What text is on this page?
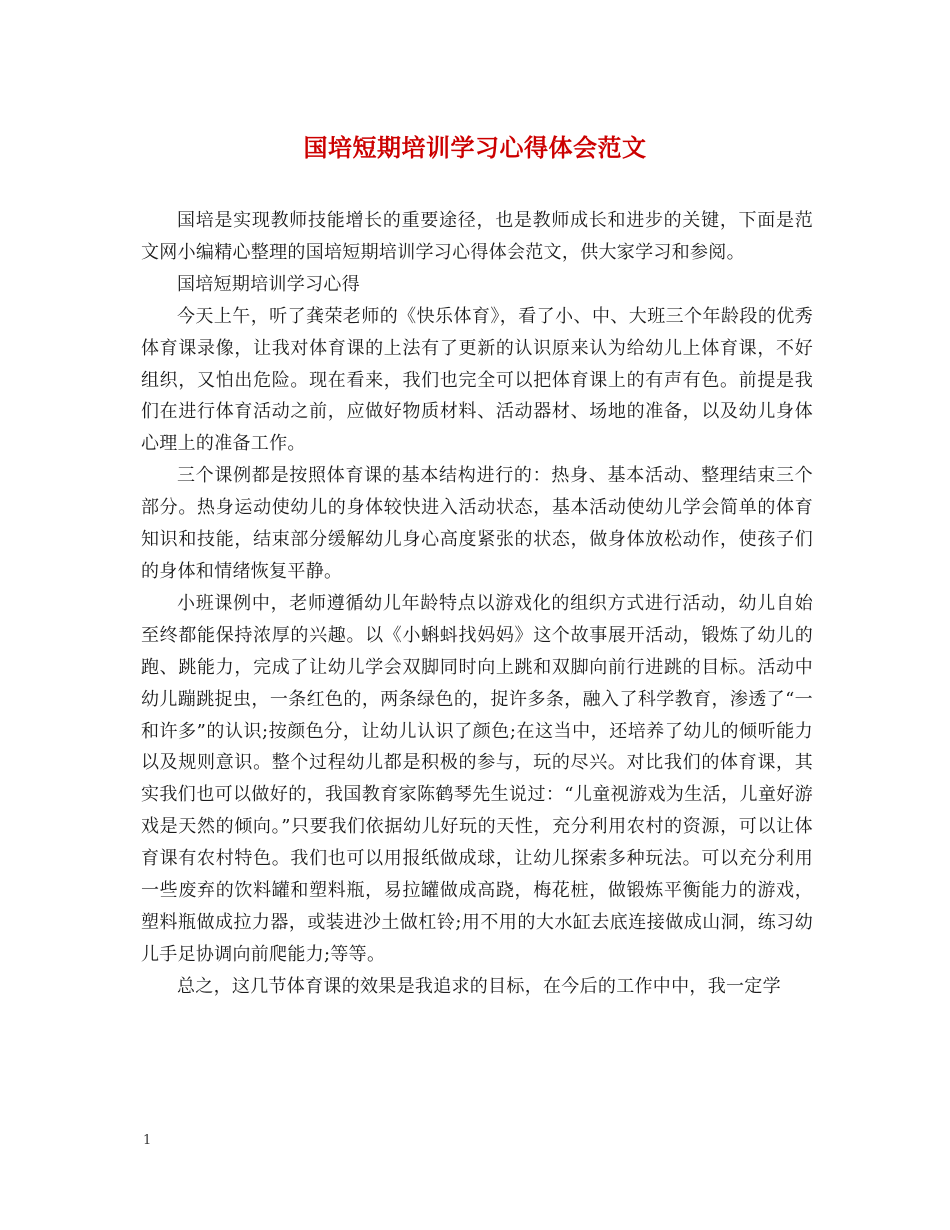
国培短期培训学习心得体会范文

国培是实现教师技能增长的重要途径，也是教师成长和进步的关键，下面是范文网小编精心整理的国培短期培训学习心得体会范文，供大家学习和参阅。

国培短期培训学习心得

今天上午，听了龚荣老师的《快乐体育》，看了小、中、大班三个年龄段的优秀体育课录像，让我对体育课的上法有了更新的认识原来认为给幼儿上体育课，不好组织，又怕出危险。现在看来，我们也完全可以把体育课上的有声有色。前提是我们在进行体育活动之前，应做好物质材料、活动器材、场地的准备，以及幼儿身体心理上的准备工作。

三个课例都是按照体育课的基本结构进行的：热身、基本活动、整理结束三个部分。热身运动使幼儿的身体较快进入活动状态，基本活动使幼儿学会简单的体育知识和技能，结束部分缓解幼儿身心高度紧张的状态，做身体放松动作，使孩子们的身体和情绪恢复平静。

小班课例中，老师遵循幼儿年龄特点以游戏化的组织方式进行活动，幼儿自始至终都能保持浓厚的兴趣。以《小蝌蚪找妈妈》这个故事展开活动，锻炼了幼儿的跑、跳能力，完成了让幼儿学会双脚同时向上跳和双脚向前行进跳的目标。活动中幼儿蹦跳捉虫，一条红色的，两条绿色的，捉许多条，融入了科学教育，渗透了“一和许多”的认识;按颜色分，让幼儿认识了颜色;在这当中，还培养了幼儿的倾听能力以及规则意识。整个过程幼儿都是积极的参与，玩的尽兴。对比我们的体育课，其实我们也可以做好的，我国教育家陈鹤琴先生说过：“儿童视游戏为生活，儿童好游戏是天然的倾向。”只要我们依据幼儿好玩的天性，充分利用农村的资源，可以让体育课有农村特色。我们也可以用报纸做成球，让幼儿探索多种玩法。可以充分利用一些废弃的饮料罐和塑料瓶，易拉罐做成高跷，梅花桩，做锻炼平衡能力的游戏，塑料瓶做成拉力器，或装进沙土做杠铃;用不用的大水缸去底连接做成山洞，练习幼儿手足协调向前爬能力;等等。

总之，这几节体育课的效果是我追求的目标，在今后的工作中中，我一定学

1
